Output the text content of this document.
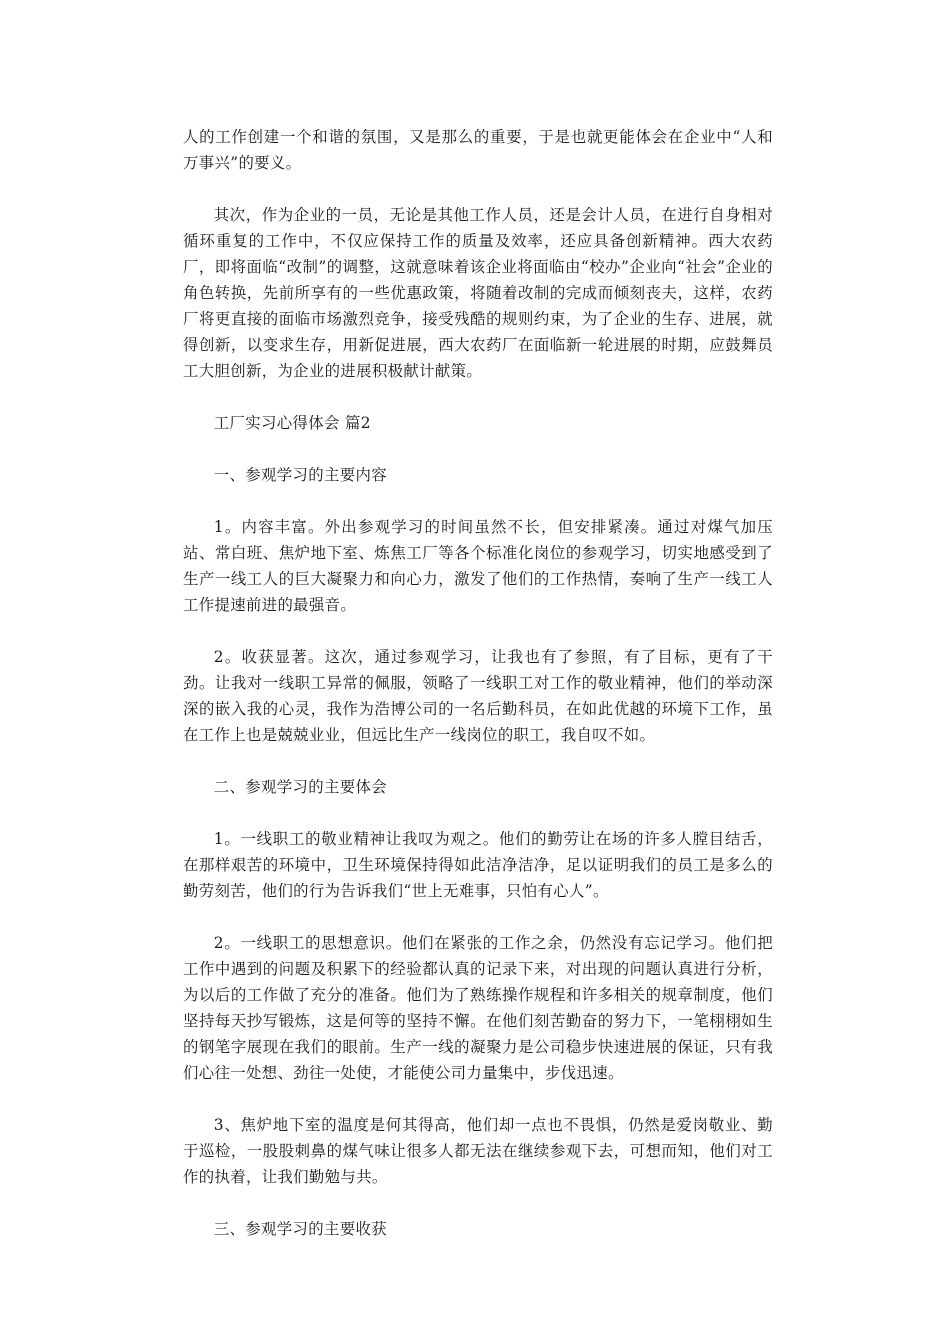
人的工作创建一个和谐的氛围，又是那么的重要，于是也就更能体会在企业中“人和万事兴”的要义。

其次，作为企业的一员，无论是其他工作人员，还是会计人员，在进行自身相对循环重复的工作中，不仅应保持工作的质量及效率，还应具备创新精神。西大农药厂，即将面临“改制”的调整，这就意味着该企业将面临由“校办”企业向“社会”企业的角色转换，先前所享有的一些优惠政策，将随着改制的完成而倾刻丧夫，这样，农药厂将更直接的面临市场激烈竞争，接受残酷的规则约束，为了企业的生存、进展，就得创新，以变求生存，用新促进展，西大农药厂在面临新一轮进展的时期，应鼓舞员工大胆创新，为企业的进展积极献计献策。

工厂实习心得体会 篇2

一、参观学习的主要内容

1。内容丰富。外出参观学习的时间虽然不长，但安排紧凑。通过对煤气加压站、常白班、焦炉地下室、炼焦工厂等各个标准化岗位的参观学习，切实地感受到了生产一线工人的巨大凝聚力和向心力，激发了他们的工作热情，奏响了生产一线工人工作提速前进的最强音。

2。收获显著。这次，通过参观学习，让我也有了参照，有了目标，更有了干劲。让我对一线职工异常的佩服，领略了一线职工对工作的敬业精神，他们的举动深深的嵌入我的心灵，我作为浩博公司的一名后勤科员，在如此优越的环境下工作，虽在工作上也是兢兢业业，但远比生产一线岗位的职工，我自叹不如。

二、参观学习的主要体会

1。一线职工的敬业精神让我叹为观之。他们的勤劳让在场的许多人膛目结舌，在那样艰苦的环境中，卫生环境保持得如此洁净洁净，足以证明我们的员工是多么的勤劳刻苦，他们的行为告诉我们“世上无难事，只怕有心人”。

2。一线职工的思想意识。他们在紧张的工作之余，仍然没有忘记学习。他们把工作中遇到的问题及积累下的经验都认真的记录下来，对出现的问题认真进行分析，为以后的工作做了充分的准备。他们为了熟练操作规程和许多相关的规章制度，他们坚持每天抄写锻炼，这是何等的坚持不懈。在他们刻苦勤奋的努力下，一笔栩栩如生的钢笔字展现在我们的眼前。生产一线的凝聚力是公司稳步快速进展的保证，只有我们心往一处想、劲往一处使，才能使公司力量集中，步伐迅速。

3、焦炉地下室的温度是何其得高，他们却一点也不畏惧，仍然是爱岗敬业、勤于巡检，一股股刺鼻的煤气味让很多人都无法在继续参观下去，可想而知，他们对工作的执着，让我们勤勉与共。

三、参观学习的主要收获
